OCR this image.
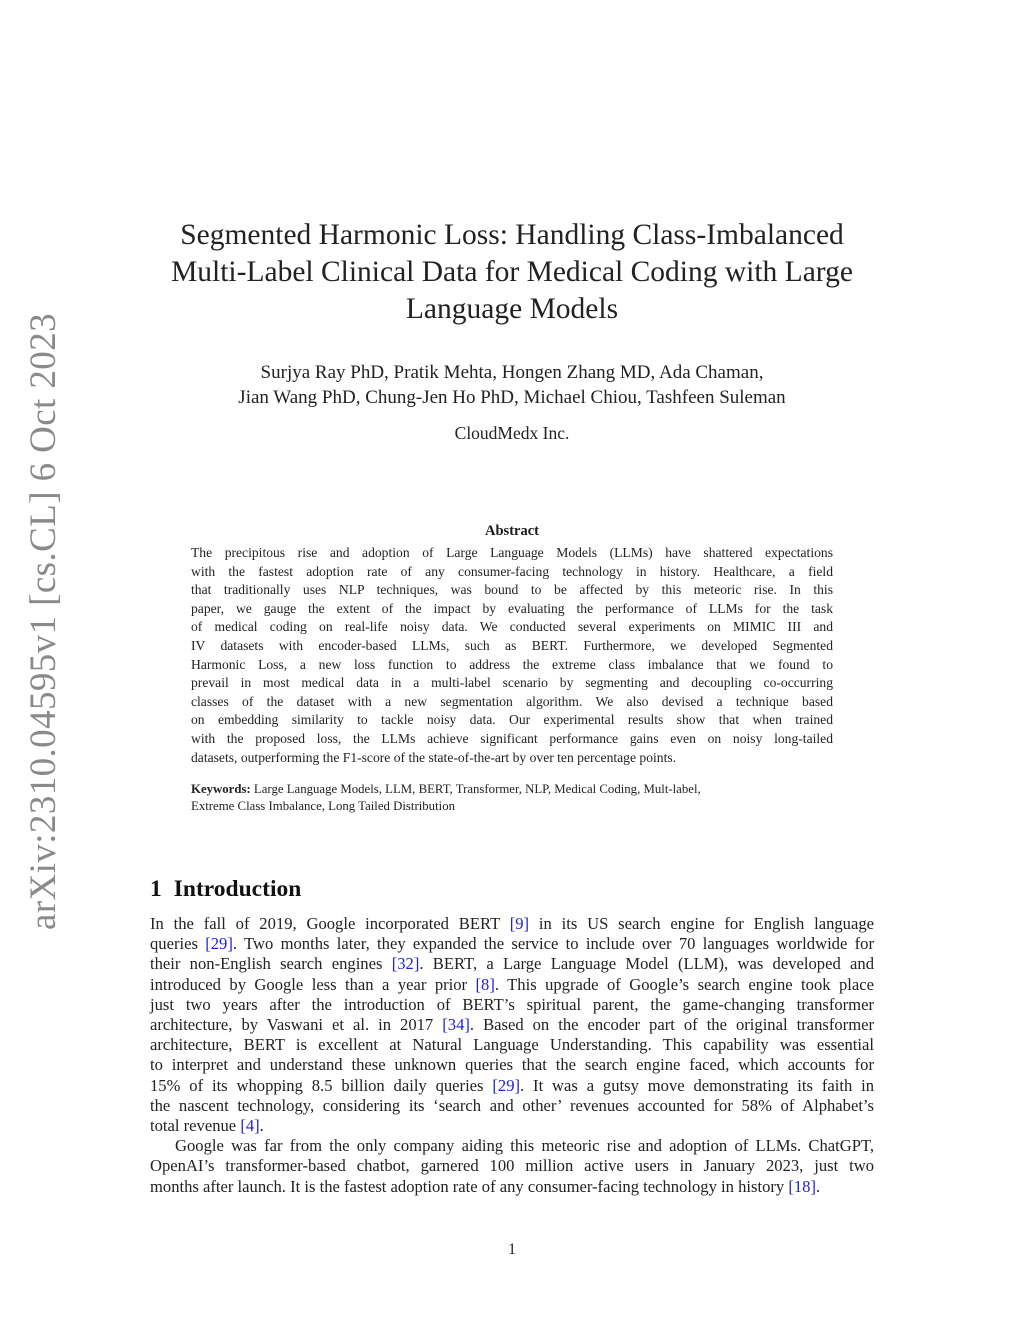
arXiv:2310.04595v1 [cs.CL] 6 Oct 2023
Segmented Harmonic Loss: Handling Class-Imbalanced
Multi-Label Clinical Data for Medical Coding with Large
Language Models
Surjya Ray PhD, Pratik Mehta, Hongen Zhang MD, Ada Chaman,
Jian Wang PhD, Chung-Jen Ho PhD, Michael Chiou, Tashfeen Suleman
CloudMedx Inc.
Abstract
The precipitous rise and adoption of Large Language Models (LLMs) have shattered expectations
with the fastest adoption rate of any consumer-facing technology in history. Healthcare, a field
that traditionally uses NLP techniques, was bound to be affected by this meteoric rise. In this
paper, we gauge the extent of the impact by evaluating the performance of LLMs for the task
of medical coding on real-life noisy data. We conducted several experiments on MIMIC III and
IV datasets with encoder-based LLMs, such as BERT. Furthermore, we developed Segmented
Harmonic Loss, a new loss function to address the extreme class imbalance that we found to
prevail in most medical data in a multi-label scenario by segmenting and decoupling co-occurring
classes of the dataset with a new segmentation algorithm. We also devised a technique based
on embedding similarity to tackle noisy data. Our experimental results show that when trained
with the proposed loss, the LLMs achieve significant performance gains even on noisy long-tailed
datasets, outperforming the F1-score of the state-of-the-art by over ten percentage points.
Keywords: Large Language Models, LLM, BERT, Transformer, NLP, Medical Coding, Mult-label,
Extreme Class Imbalance, Long Tailed Distribution
1 Introduction
In the fall of 2019, Google incorporated BERT [9] in its US search engine for English language
queries [29]. Two months later, they expanded the service to include over 70 languages worldwide for
their non-English search engines [32]. BERT, a Large Language Model (LLM), was developed and
introduced by Google less than a year prior [8]. This upgrade of Google’s search engine took place
just two years after the introduction of BERT’s spiritual parent, the game-changing transformer
architecture, by Vaswani et al. in 2017 [34]. Based on the encoder part of the original transformer
architecture, BERT is excellent at Natural Language Understanding. This capability was essential
to interpret and understand these unknown queries that the search engine faced, which accounts for
15% of its whopping 8.5 billion daily queries [29]. It was a gutsy move demonstrating its faith in
the nascent technology, considering its ‘search and other’ revenues accounted for 58% of Alphabet’s
total revenue [4].
Google was far from the only company aiding this meteoric rise and adoption of LLMs. ChatGPT,
OpenAI’s transformer-based chatbot, garnered 100 million active users in January 2023, just two
months after launch. It is the fastest adoption rate of any consumer-facing technology in history [18].
1
